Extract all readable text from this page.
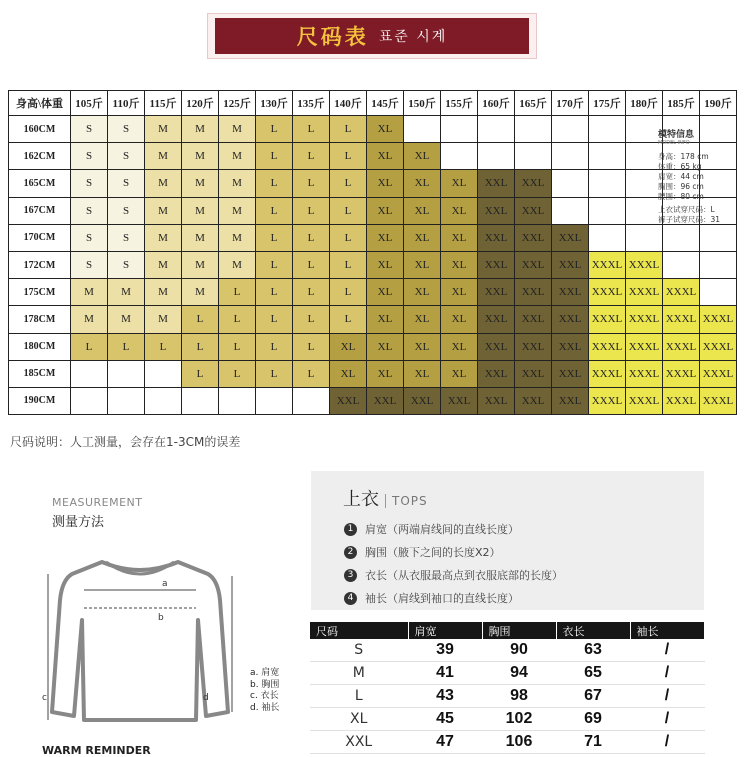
尺码表 표준 시계
身高\体重	105斤	110斤	115斤	120斤	125斤	130斤	135斤	140斤	145斤	150斤	155斤	160斤	165斤	170斤	175斤	180斤	185斤	190斤
160CM	S	S	M	M	M	L	L	L	XL									
162CM	S	S	M	M	M	L	L	L	XL	XL								
165CM	S	S	M	M	M	L	L	L	XL	XL	XL	XXL	XXL					
167CM	S	S	M	M	M	L	L	L	XL	XL	XL	XXL	XXL					
170CM	S	S	M	M	M	L	L	L	XL	XL	XL	XXL	XXL	XXL				
172CM	S	S	M	M	M	L	L	L	XL	XL	XL	XXL	XXL	XXL	XXXL	XXXL		
175CM	M	M	M	M	L	L	L	L	XL	XL	XL	XXL	XXL	XXL	XXXL	XXXL	XXXL	
178CM	M	M	M	L	L	L	L	L	XL	XL	XL	XXL	XXL	XXL	XXXL	XXXL	XXXL	XXXL
180CM	L	L	L	L	L	L	L	XL	XL	XL	XL	XXL	XXL	XXL	XXXL	XXXL	XXXL	XXXL
185CM				L	L	L	L	XL	XL	XL	XL	XXL	XXL	XXL	XXXL	XXXL	XXXL	XXXL
190CM								XXL	XXL	XXL	XXL	XXL	XXL	XXL	XXXL	XXXL	XXXL	XXXL
模特信息
MODEL INFO
身高：178 cm
体重：65 kg
肩宽：44 cm
胸围：96 cm
腰围：80 cm
上衣试穿尺码：L
裤子试穿尺码：31
尺码说明：人工测量，会存在1-3CM的误差
MEASUREMENT
测量方法
a
b
c	d
a. 肩宽
b. 胸围
c. 衣长
d. 袖长
WARM REMINDER
上衣	TOPS
1	肩宽（两端肩线间的直线长度）
2	胸围（腋下之间的长度X2）
3	衣长（从衣服最高点到衣服底部的长度）
4	袖长（肩线到袖口的直线长度）
尺码	肩宽	胸围	衣长	袖长
S	39	90	63	/
M	41	94	65	/
L	43	98	67	/
XL	45	102	69	/
XXL	47	106	71	/
